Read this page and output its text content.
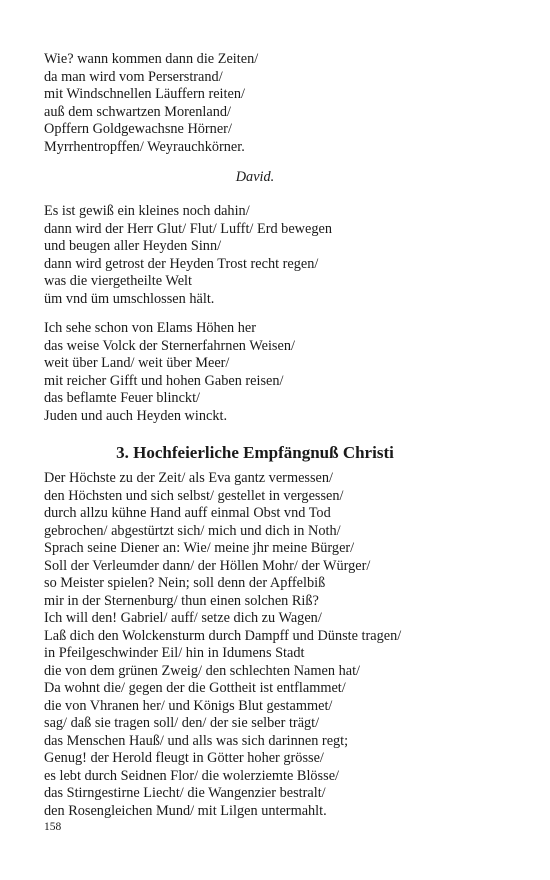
Wie? wann kommen dann die Zeiten/
da man wird vom Perserstrand/
mit Windschnellen Läuffern reiten/
auß dem schwartzen Morenland/
Opffern Goldgewachsne Hörner/
Myrrhentropffen/ Weyrauchkörner.
David.
Es ist gewiß ein kleines noch dahin/
dann wird der Herr Glut/ Flut/ Lufft/ Erd bewegen
und beugen aller Heyden Sinn/
dann wird getrost der Heyden Trost recht regen/
was die viergetheilte Welt
üm vnd üm umschlossen hält.
Ich sehe schon von Elams Höhen her
das weise Volck der Sternerfahrnen Weisen/
weit über Land/ weit über Meer/
mit reicher Gifft und hohen Gaben reisen/
das beflamte Feuer blinckt/
Juden und auch Heyden winckt.
3. Hochfeierliche Empfängnuß Christi
Der Höchste zu der Zeit/ als Eva gantz vermessen/
den Höchsten und sich selbst/ gestellet in vergessen/
durch allzu kühne Hand auff einmal Obst vnd Tod
gebrochen/ abgestürtzt sich/ mich und dich in Noth/
Sprach seine Diener an: Wie/ meine jhr meine Bürger/
Soll der Verleumder dann/ der Höllen Mohr/ der Würger/
so Meister spielen? Nein; soll denn der Apffelbiß
mir in der Sternenburg/ thun einen solchen Riß?
Ich will den! Gabriel/ auff/ setze dich zu Wagen/
Laß dich den Wolckensturm durch Dampff und Dünste tragen/
in Pfeilgeschwinder Eil/ hin in Idumens Stadt
die von dem grünen Zweig/ den schlechten Namen hat/
Da wohnt die/ gegen der die Gottheit ist entflammet/
die von Vhranen her/ und Königs Blut gestammet/
sag/ daß sie tragen soll/ den/ der sie selber trägt/
das Menschen Hauß/ und alls was sich darinnen regt;
Genug! der Herold fleugt in Götter hoher grösse/
es lebt durch Seidnen Flor/ die wolerziemte Blösse/
das Stirngestirne Liecht/ die Wangenzier bestralt/
den Rosengleichen Mund/ mit Lilgen untermahlt.
158
